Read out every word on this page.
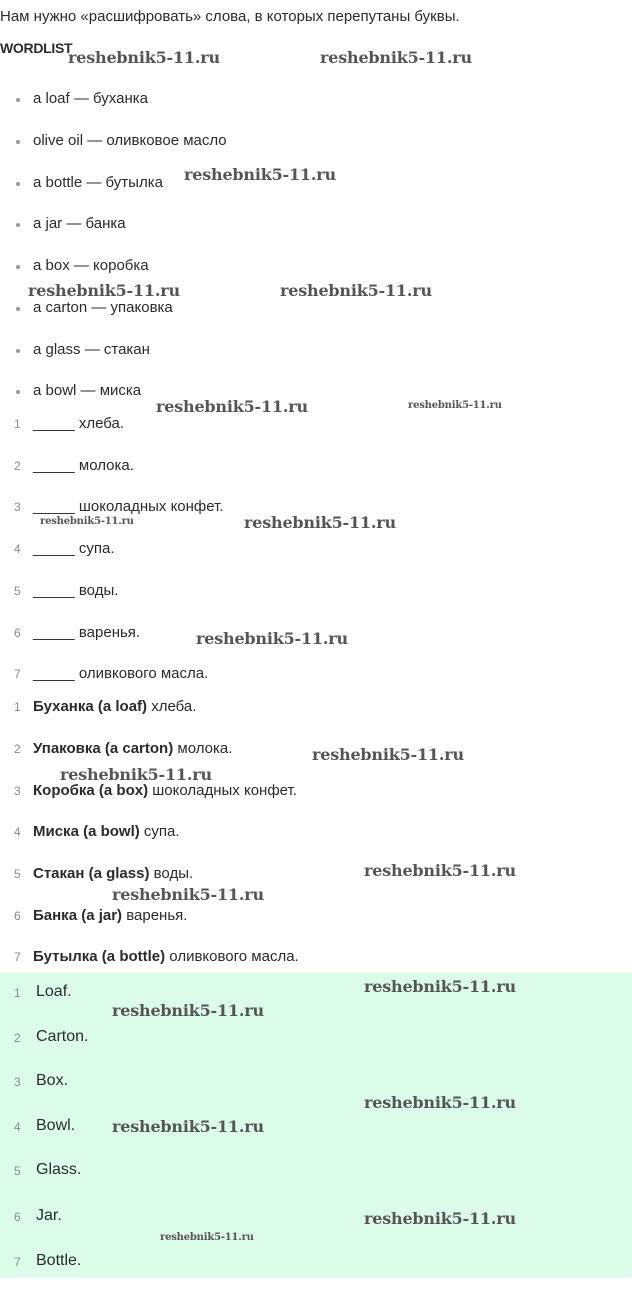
Нам нужно «расшифровать» слова, в которых перепутаны буквы.
WORDLIST
a loaf — буханка
olive oil — оливковое масло
a bottle — бутылка
a jar — банка
a box — коробка
a carton — упаковка
a glass — стакан
a bowl — миска
1 _____ хлеба.
2 _____ молока.
3 _____ шоколадных конфет.
4 _____ супа.
5 _____ воды.
6 _____ варенья.
7 _____ оливкового масла.
1 Буханка (a loaf) хлеба.
2 Упаковка (a carton) молока.
3 Коробка (a box) шоколадных конфет.
4 Миска (a bowl) супа.
5 Стакан (a glass) воды.
6 Банка (a jar) варенья.
7 Бутылка (a bottle) оливкового масла.
1 Loaf.
2 Carton.
3 Box.
4 Bowl.
5 Glass.
6 Jar.
7 Bottle.
reshebnik5-11.ru	reshebnik5-11.ru
reshebnik5-11.ru
reshebnik5-11.ru	reshebnik5-11.ru
reshebnik5-11.ru	reshebnik5-11.ru
reshebnik5-11.ru	reshebnik5-11.ru
reshebnik5-11.ru
reshebnik5-11.ru
reshebnik5-11.ru
reshebnik5-11.ru
reshebnik5-11.ru
reshebnik5-11.ru
reshebnik5-11.ru
reshebnik5-11.ru
reshebnik5-11.ru
reshebnik5-11.ru
reshebnik5-11.ru
